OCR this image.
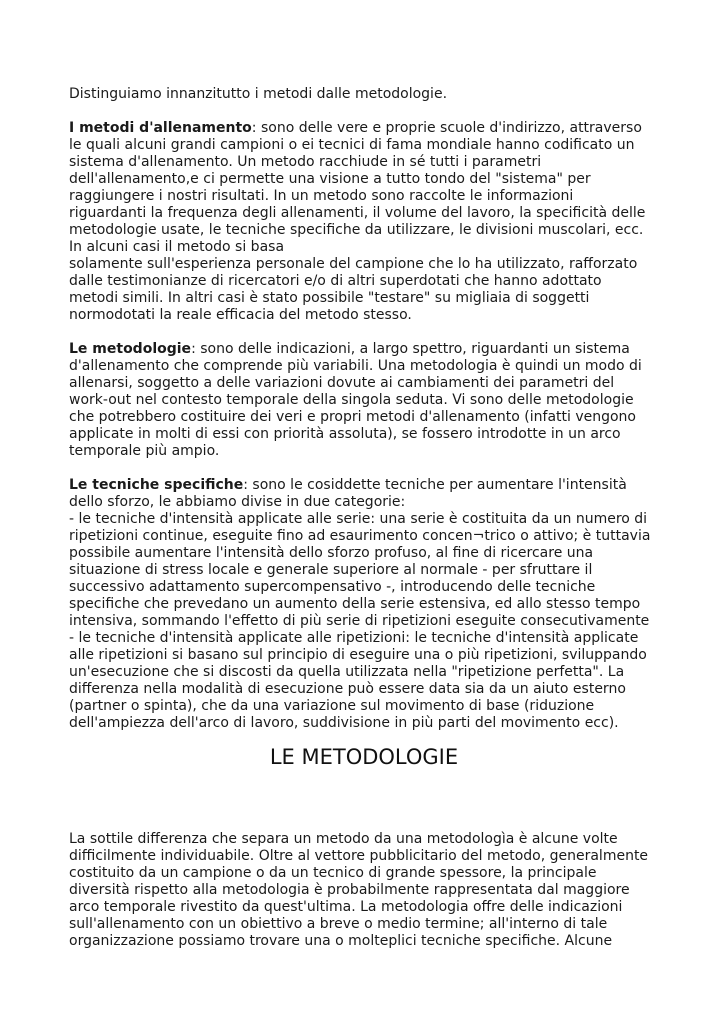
Distinguiamo innanzitutto i metodi dalle metodologie.
I metodi d'allenamento: sono delle vere e proprie scuole d'indirizzo, attraverso
le quali alcuni grandi campioni o ei tecnici di fama mondiale hanno codificato un
sistema d'allenamento. Un metodo racchiude in sé tutti i parametri
dell'allenamento,e ci permette una visione a tutto tondo del "sistema" per
raggiungere i nostri risultati. In un metodo sono raccolte le informazioni
riguardanti la frequenza degli allenamenti, il volume del lavoro, la specificità delle
metodologie usate, le tecniche specifiche da utilizzare, le divisioni muscolari, ecc.
In alcuni casi il metodo si basa
solamente sull'esperienza personale del campione che lo ha utilizzato, rafforzato
dalle testimonianze di ricercatori e/o di altri superdotati che hanno adottato
metodi simili. In altri casi è stato possibile "testare" su migliaia di soggetti
normodotati la reale efficacia del metodo stesso.
Le metodologie: sono delle indicazioni, a largo spettro, riguardanti un sistema
d'allenamento che comprende più variabili. Una metodologia è quindi un modo di
allenarsi, soggetto a delle variazioni dovute ai cambiamenti dei parametri del
work-out nel contesto temporale della singola seduta. Vi sono delle metodologie
che potrebbero costituire dei veri e propri metodi d'allenamento (infatti vengono
applicate in molti di essi con priorità assoluta), se fossero introdotte in un arco
temporale più ampio.
Le tecniche specifiche: sono le cosiddette tecniche per aumentare l'intensità
dello sforzo, le abbiamo divise in due categorie:
- le tecniche d'intensità applicate alle serie: una serie è costituita da un numero di
ripetizioni continue, eseguite fino ad esaurimento concen¬trico o attivo; è tuttavia
possibile aumentare l'intensità dello sforzo profuso, al fine di ricercare una
situazione di stress locale e generale superiore al normale - per sfruttare il
successivo adattamento supercompensativo -, introducendo delle tecniche
specifiche che prevedano un aumento della serie estensiva, ed allo stesso tempo
intensiva, sommando l'effetto di più serie di ripetizioni eseguite consecutivamente
- le tecniche d'intensità applicate alle ripetizioni: le tecniche d'intensità applicate
alle ripetizioni si basano sul principio di eseguire una o più ripetizioni, sviluppando
un'esecuzione che si discosti da quella utilizzata nella "ripetizione perfetta". La
differenza nella modalità di esecuzione può essere data sia da un aiuto esterno
(partner o spinta), che da una variazione sul movimento di base (riduzione
dell'ampiezza dell'arco di lavoro, suddivisione in più parti del movimento ecc).
LE METODOLOGIE
La sottile differenza che separa un metodo da una metodologìa è alcune volte
difficilmente individuabile. Oltre al vettore pubblicitario del metodo, generalmente
costituito da un campione o da un tecnico di grande spessore, la principale
diversità rispetto alla metodologia è probabilmente rappresentata dal maggiore
arco temporale rivestito da quest'ultima. La metodologia offre delle indicazioni
sull'allenamento con un obiettivo a breve o medio termine; all'interno di tale
organizzazione possiamo trovare una o molteplici tecniche specifiche. Alcune
